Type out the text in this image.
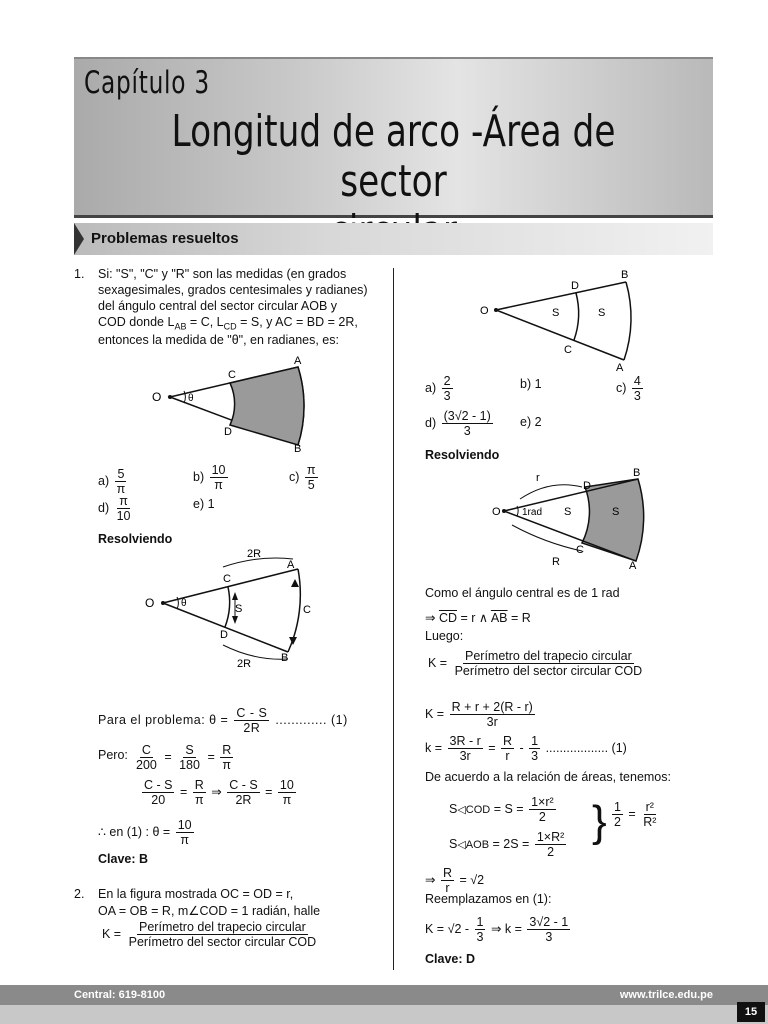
Capítulo 3
Longitud de arco -Área de sector
Problemas resueltos
1. Si: "S", "C" y "R" son las medidas (en grados
sexagesimales, grados centesimales y radianes)
del ángulo central del sector circular AOB y
COD donde $L_{AB} = C$, $L_{CD} = S$, y AC = BD = 2R,
entonces la medida de "θ", en radianes, es:
O	θ
C
A
D
B
$a) \frac{5}{\pi}$	$b) \frac{10}{\pi}$	$c) \frac{\pi}{5}$
$d) \frac{\pi}{10}$	e) 1
Resolviendo
2R
O	θ
C
A
S	C
D
B
2R
Para el problema: $\theta = \frac{C - S}{2R}$ ............. (1)
Pero: $\frac{C}{200} = \frac{S}{180} = \frac{R}{\pi}$
$\frac{C - S}{20} = \frac{R}{\pi}$ ⇒ $\frac{C - S}{2R} = \frac{10}{\pi}$
∴ en (1) : $\theta = \frac{10}{\pi}$
Clave: B
2. En la figura mostrada OC = OD = r,
OA = OB = R, m∠COD = 1 radián, halle
$K = \frac{\text{Perímetro del trapecio circular}}{\text{Perímetro del sector circular COD}}$
O
D
B
S	S
C
A
$a) \frac{2}{3}$	b) 1	$c) \frac{4}{3}$
$d) \frac{(3√2 - 1)}{3} e$) 2
Resolviendo
r
O 1rad
D
B
S	S
C
A
R
Como el ángulo central es de 1 rad
⇒ $\overline{CD} = r$ ∧ $\overline{AB} = R$
Luego:
$K = \frac{\text{Perímetro del trapecio circular}}{\text{Perímetro del sector circular COD}}$
$K = \frac{R + r + 2(R - r)}{3r}$
$k = \frac{3R - r}{3r} = \frac{R}{r} - \frac{1}{3}$ .................. (1)
De acuerdo a la relación de áreas, tenemos:
S◁COD = $S = \frac{\text{1×r²}}{2}$
S◁AOB = $2S = \frac{\text{1×R²}}{2}$ } $\frac{1}{2} = \frac{\text{r²}}{\text{R²}}$
⇒ $\frac{R}{r} = √2$
Reemplazamos en (1):
$K = √2 - \frac{1}{3}$ ⇒ $k = \frac{3√2 - 1}{3}$
Clave: D
Central: 619-8100	www.trilce.edu.pe
15
